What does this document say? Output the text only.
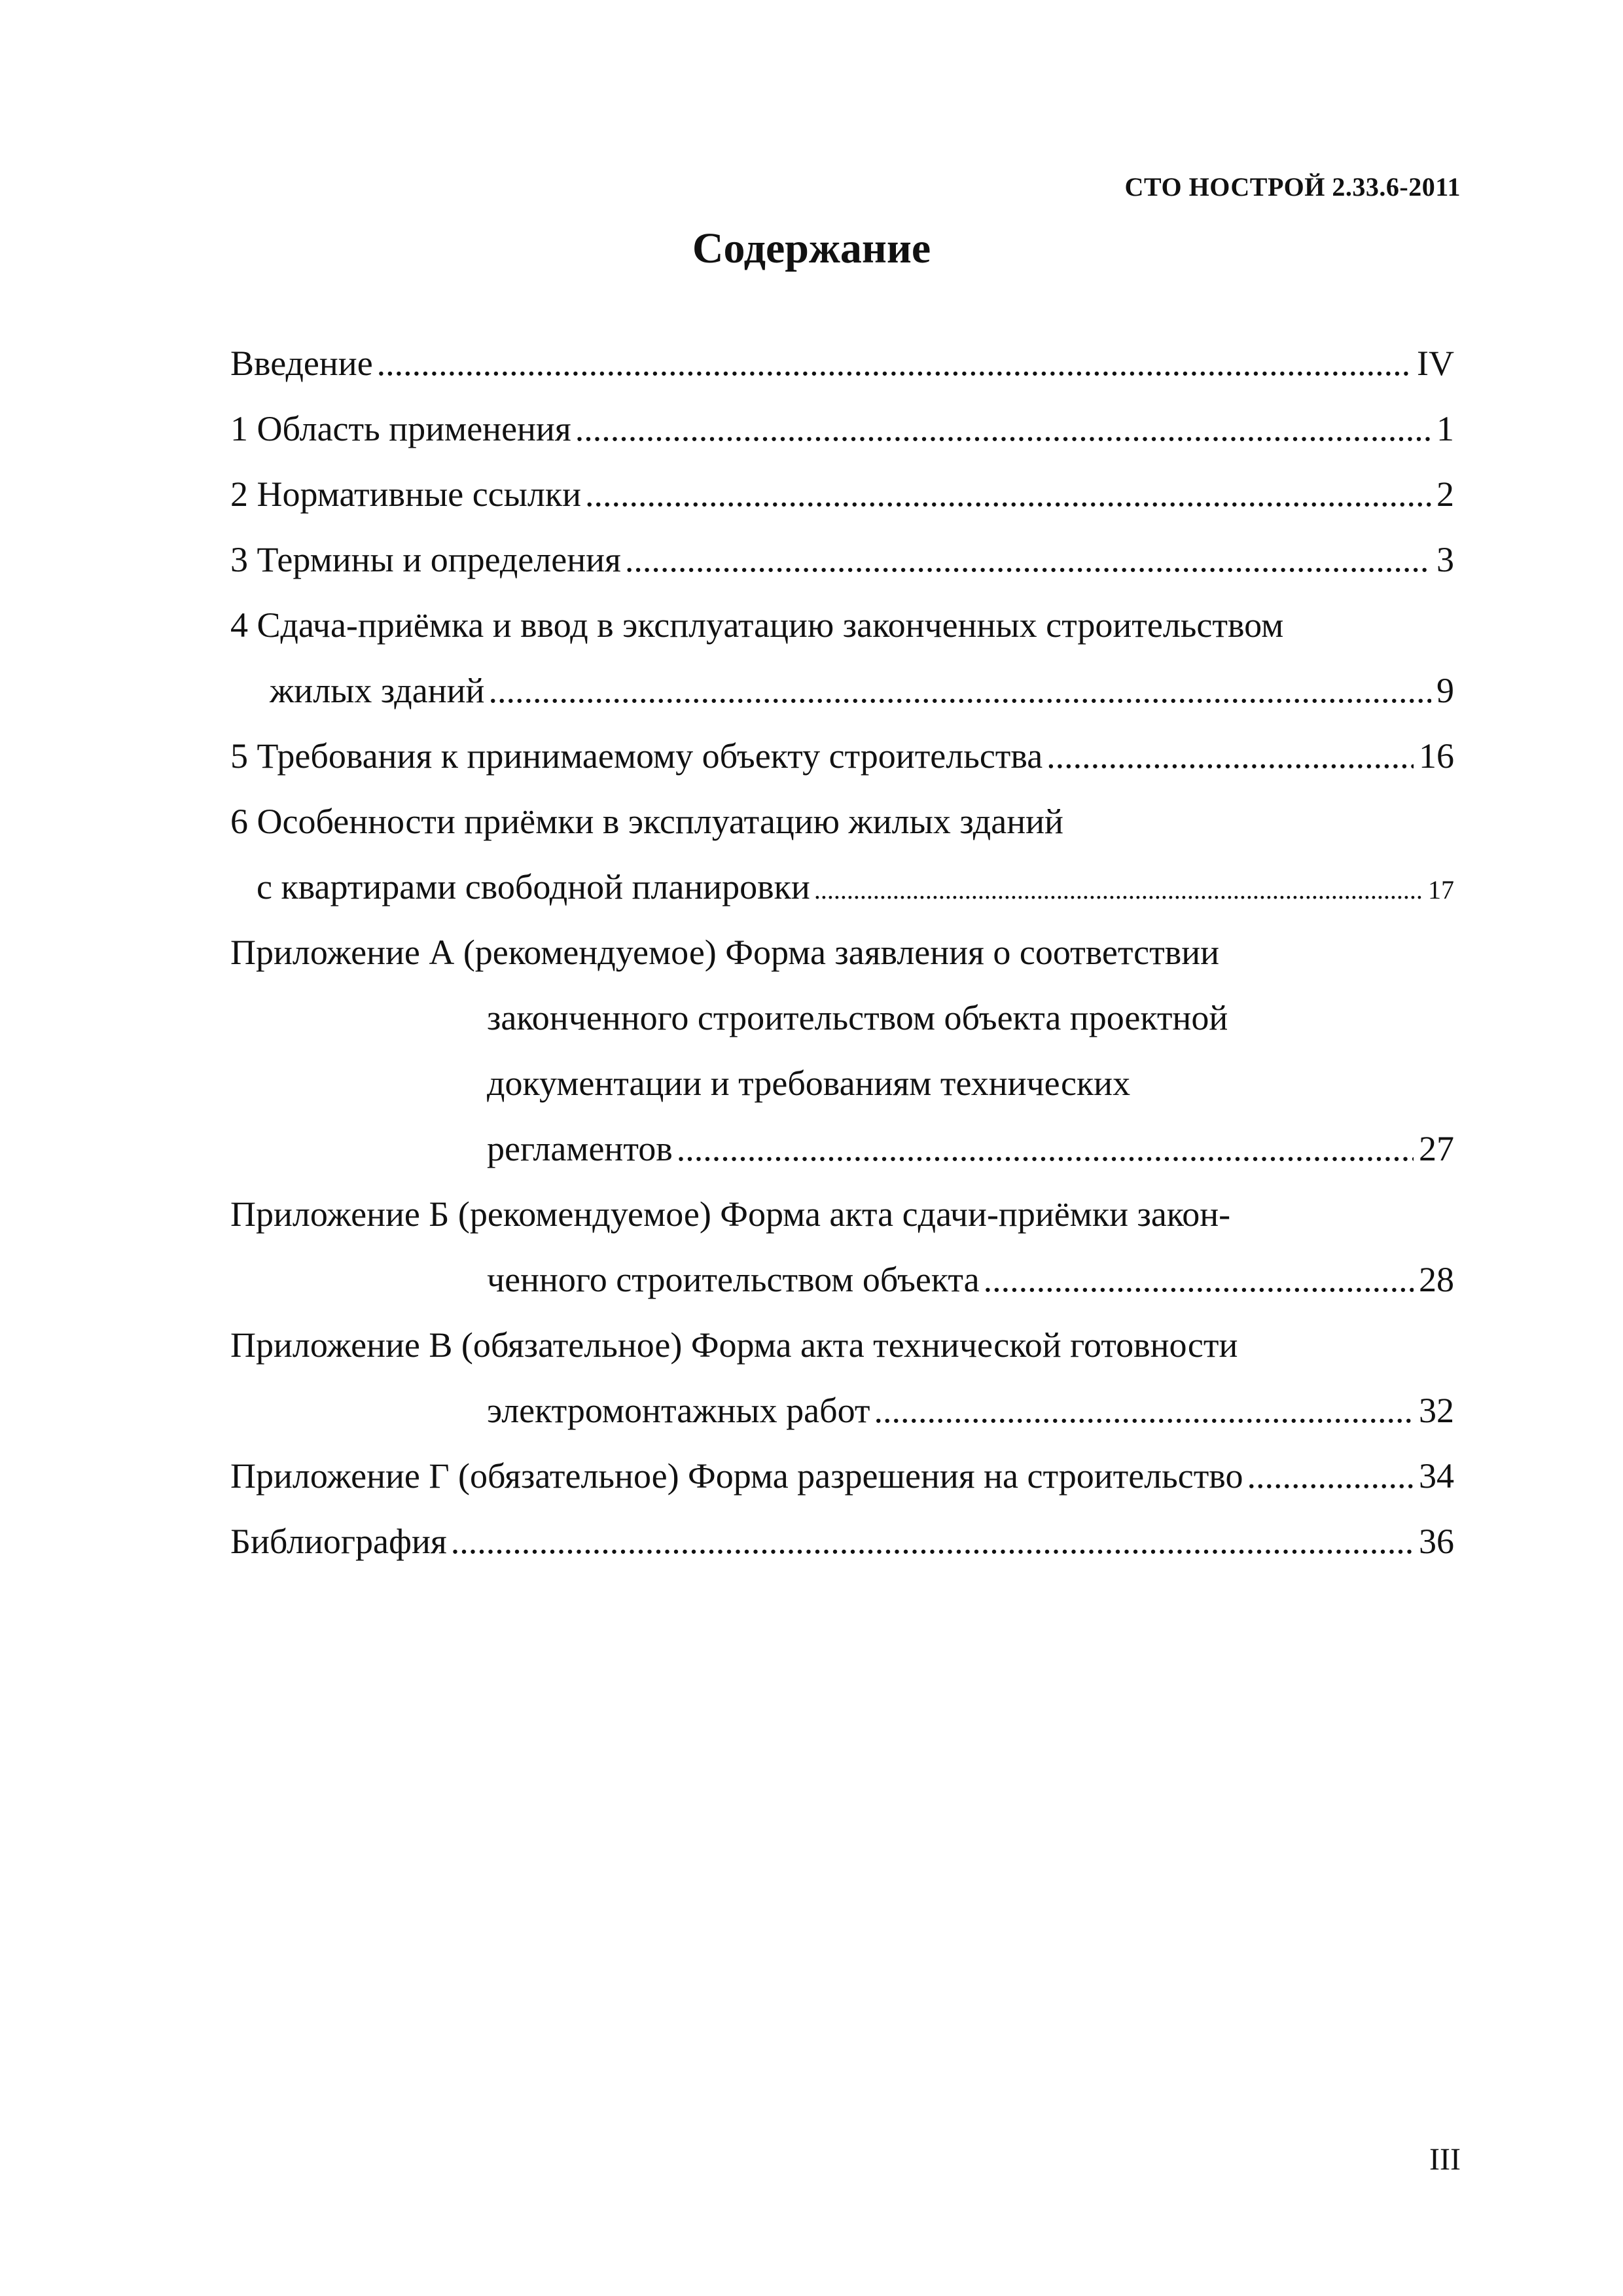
СТО НОСТРОЙ 2.33.6-2011
Содержание
Введение .....	IV
1 Область применения .....	1
2 Нормативные ссылки .....	2
3 Термины и определения .....	3
4 Сдача-приёмка и ввод в эксплуатацию законченных строительством
жилых зданий .....	9
5 Требования к принимаемому объекту строительства .....	16
6 Особенности приёмки в эксплуатацию жилых зданий
с квартирами свободной планировки .....	17
Приложение А (рекомендуемое) Форма заявления о соответствии
законченного строительством объекта проектной
документации и требованиям технических
регламентов .....	27
Приложение Б (рекомендуемое) Форма акта сдачи-приёмки закон-
ченного строительством объекта .....	28
Приложение В (обязательное) Форма акта технической готовности
электромонтажных работ .....	32
Приложение Г (обязательное) Форма разрешения на строительство .....	34
Библиография .....	36
III
